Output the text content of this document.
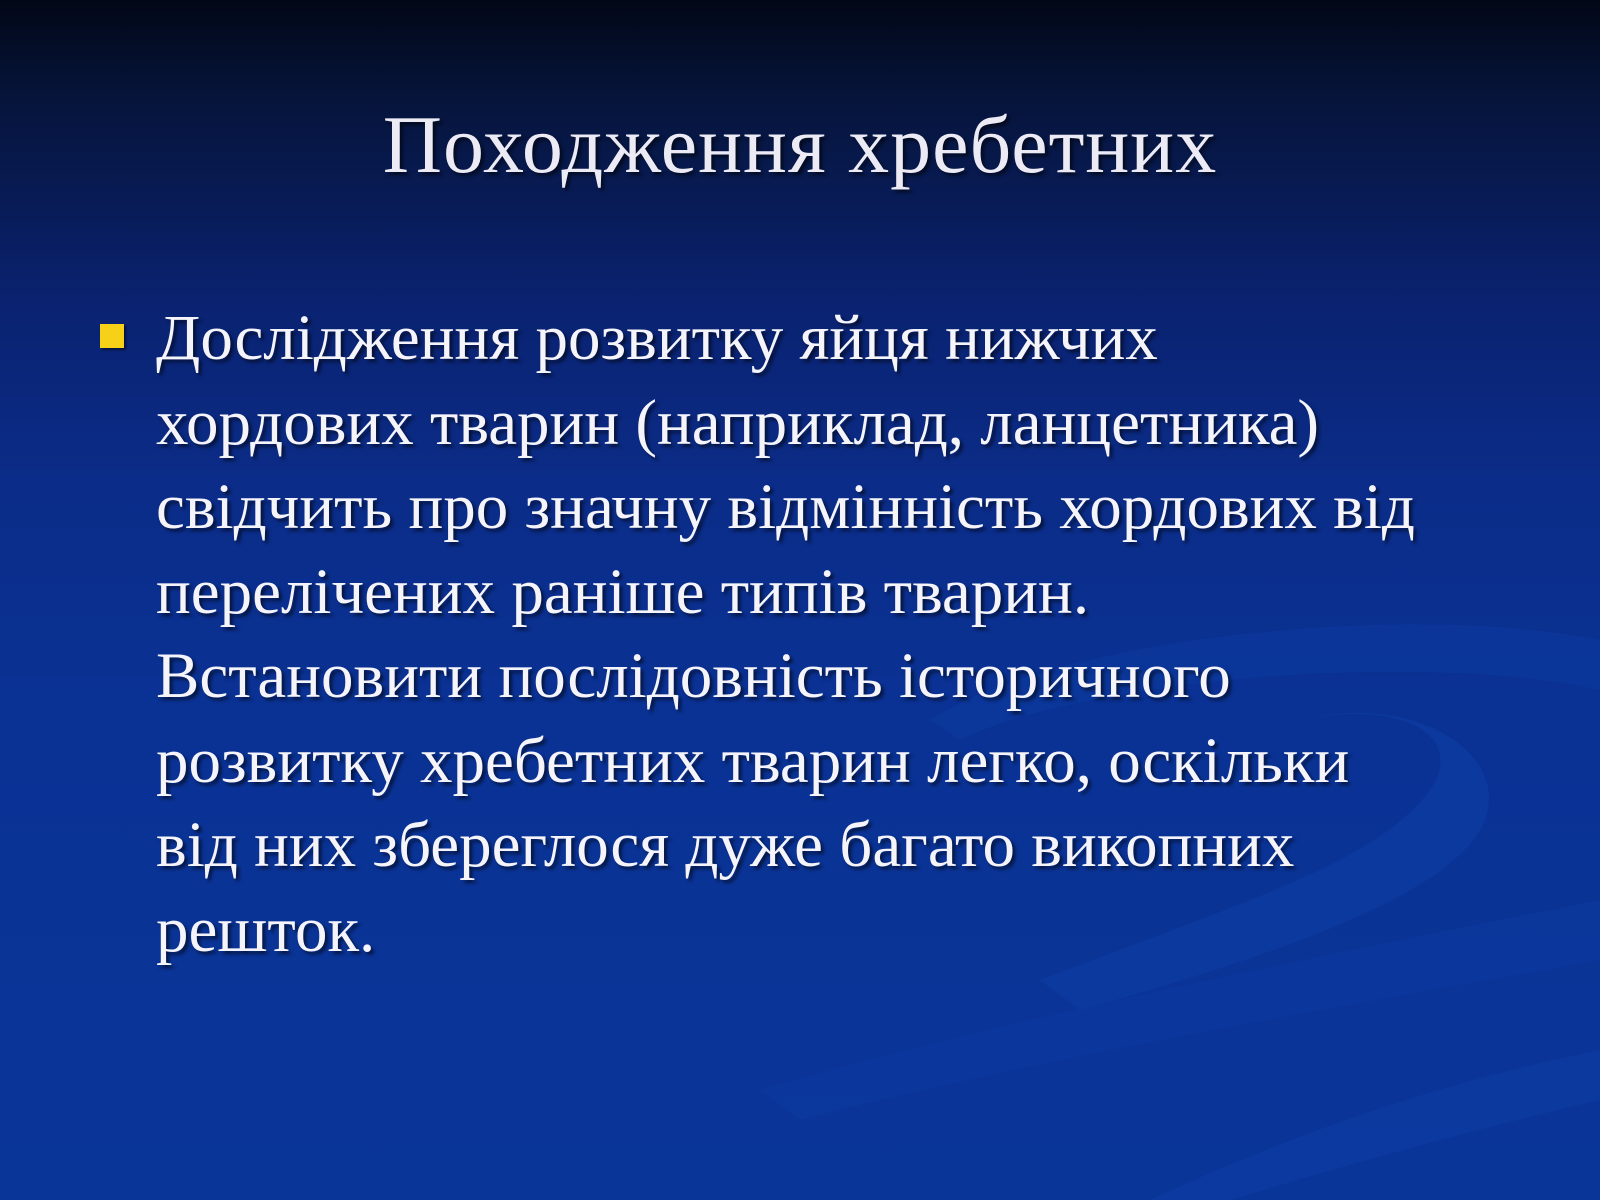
Походження хребетних
Дослідження розвитку яйця нижчих
хордових тварин (наприклад, ланцетника)
свідчить про значну відмінність хордових від
перелічених раніше типів тварин.
Встановити послідовність історичного
розвитку хребетних тварин легко, оскільки
від них збереглося дуже багато викопних
решток.
